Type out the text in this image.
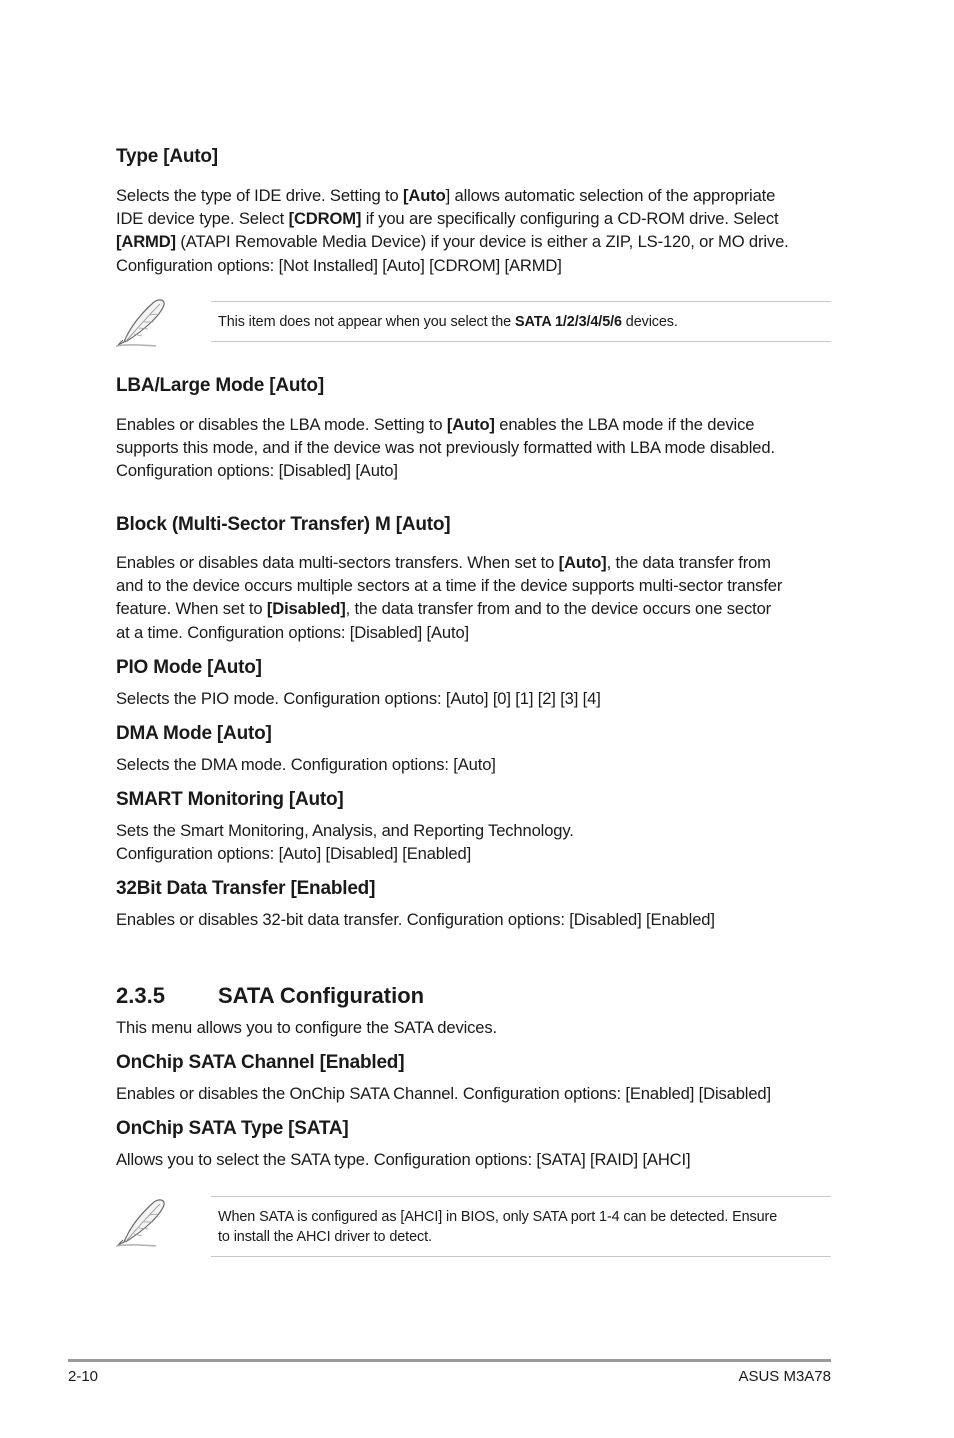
Type [Auto]
Selects the type of IDE drive. Setting to [Auto] allows automatic selection of the appropriate
IDE device type. Select [CDROM] if you are specifically configuring a CD-ROM drive. Select
[ARMD] (ATAPI Removable Media Device) if your device is either a ZIP, LS-120, or MO drive.
Configuration options: [Not Installed] [Auto] [CDROM] [ARMD]
This item does not appear when you select the SATA 1/2/3/4/5/6 devices.
LBA/Large Mode [Auto]
Enables or disables the LBA mode. Setting to [Auto] enables the LBA mode if the device
supports this mode, and if the device was not previously formatted with LBA mode disabled.
Configuration options: [Disabled] [Auto]
Block (Multi-Sector Transfer) M [Auto]
Enables or disables data multi-sectors transfers. When set to [Auto], the data transfer from
and to the device occurs multiple sectors at a time if the device supports multi-sector transfer
feature. When set to [Disabled], the data transfer from and to the device occurs one sector
at a time. Configuration options: [Disabled] [Auto]
PIO Mode [Auto]
Selects the PIO mode. Configuration options: [Auto] [0] [1] [2] [3] [4]
DMA Mode [Auto]
Selects the DMA mode. Configuration options: [Auto]
SMART Monitoring [Auto]
Sets the Smart Monitoring, Analysis, and Reporting Technology.
Configuration options: [Auto] [Disabled] [Enabled]
32Bit Data Transfer [Enabled]
Enables or disables 32-bit data transfer. Configuration options: [Disabled] [Enabled]
2.3.5 SATA Configuration
This menu allows you to configure the SATA devices.
OnChip SATA Channel [Enabled]
Enables or disables the OnChip SATA Channel. Configuration options: [Enabled] [Disabled]
OnChip SATA Type [SATA]
Allows you to select the SATA type. Configuration options: [SATA] [RAID] [AHCI]
When SATA is configured as [AHCI] in BIOS, only SATA port 1-4 can be detected. Ensure
to install the AHCI driver to detect.
2-10	ASUS M3A78
